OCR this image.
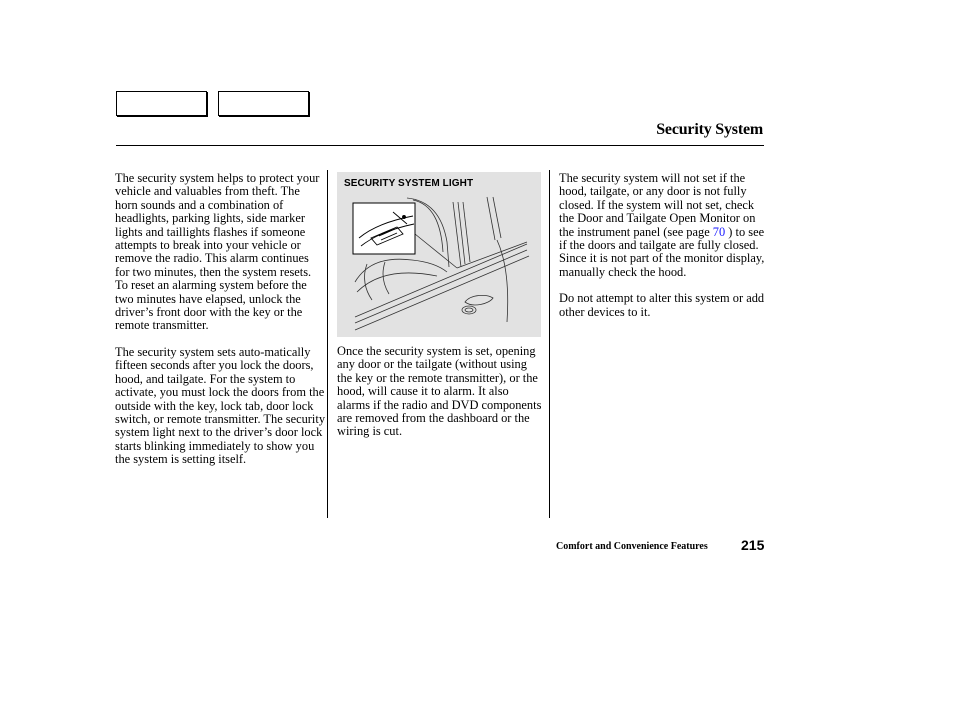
Security System

The security system helps to protect your vehicle and valuables from theft. The horn sounds and a combination of headlights, parking lights, side marker lights and taillights flashes if someone attempts to break into your vehicle or remove the radio. This alarm continues for two minutes, then the system resets. To reset an alarming system before the two minutes have elapsed, unlock the driver’s front door with the key or the remote transmitter.

The security system sets auto-matically fifteen seconds after you lock the doors, hood, and tailgate. For the system to activate, you must lock the doors from the outside with the key, lock tab, door lock switch, or remote transmitter. The security system light next to the driver’s door lock starts blinking immediately to show you the system is setting itself.

SECURITY SYSTEM LIGHT

Once the security system is set, opening any door or the tailgate (without using the key or the remote transmitter), or the hood, will cause it to alarm. It also alarms if the radio and DVD components are removed from the dashboard or the wiring is cut.

The security system will not set if the hood, tailgate, or any door is not fully closed. If the system will not set, check the Door and Tailgate Open Monitor on the instrument panel (see page 70 ) to see if the doors and tailgate are fully closed. Since it is not part of the monitor display, manually check the hood.

Do not attempt to alter this system or add other devices to it.

Comfort and Convenience Features 215
